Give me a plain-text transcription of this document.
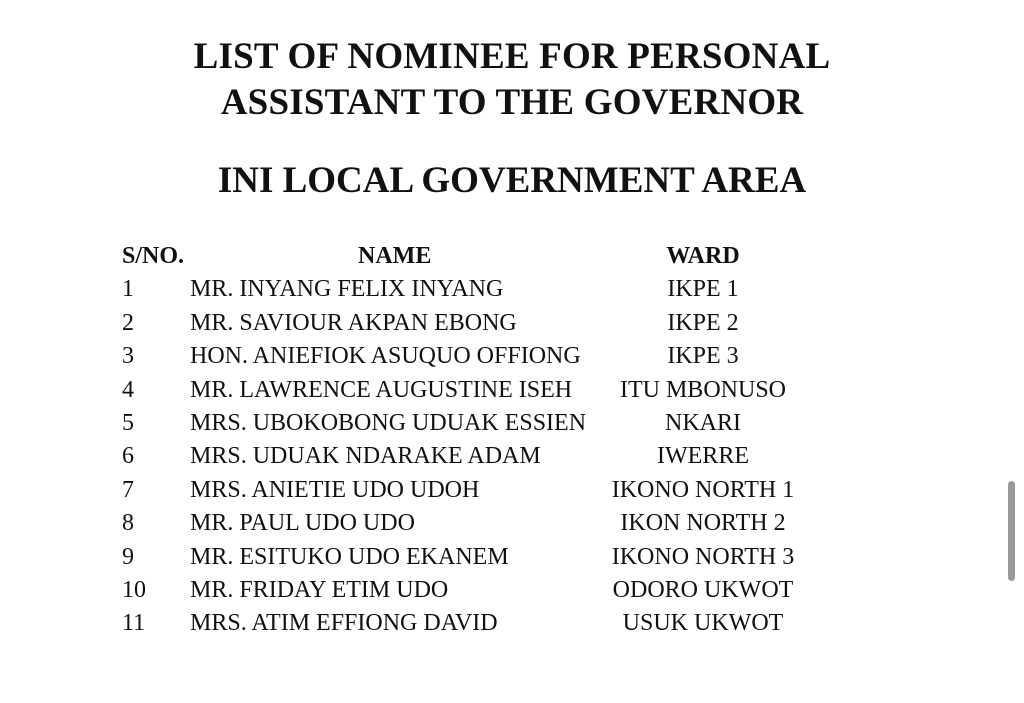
LIST OF NOMINEE FOR PERSONAL
ASSISTANT TO THE GOVERNOR
INI LOCAL GOVERNMENT AREA
S/NO.	NAME	WARD
1 MR. INYANG FELIX INYANG	IKPE 1
2 MR. SAVIOUR AKPAN EBONG	IKPE 2
3 HON. ANIEFIOK ASUQUO OFFIONG	IKPE 3
4 MR. LAWRENCE AUGUSTINE ISEH	ITU MBONUSO
5 MRS. UBOKOBONG UDUAK ESSIEN	NKARI
6 MRS. UDUAK NDARAKE ADAM	IWERRE
7 MRS. ANIETIE UDO UDOH	IKONO NORTH 1
8 MR. PAUL UDO UDO	IKON NORTH 2
9 MR. ESITUKO UDO EKANEM	IKONO NORTH 3
10 MR. FRIDAY ETIM UDO	ODORO UKWOT
11 MRS. ATIM EFFIONG DAVID	USUK UKWOT
